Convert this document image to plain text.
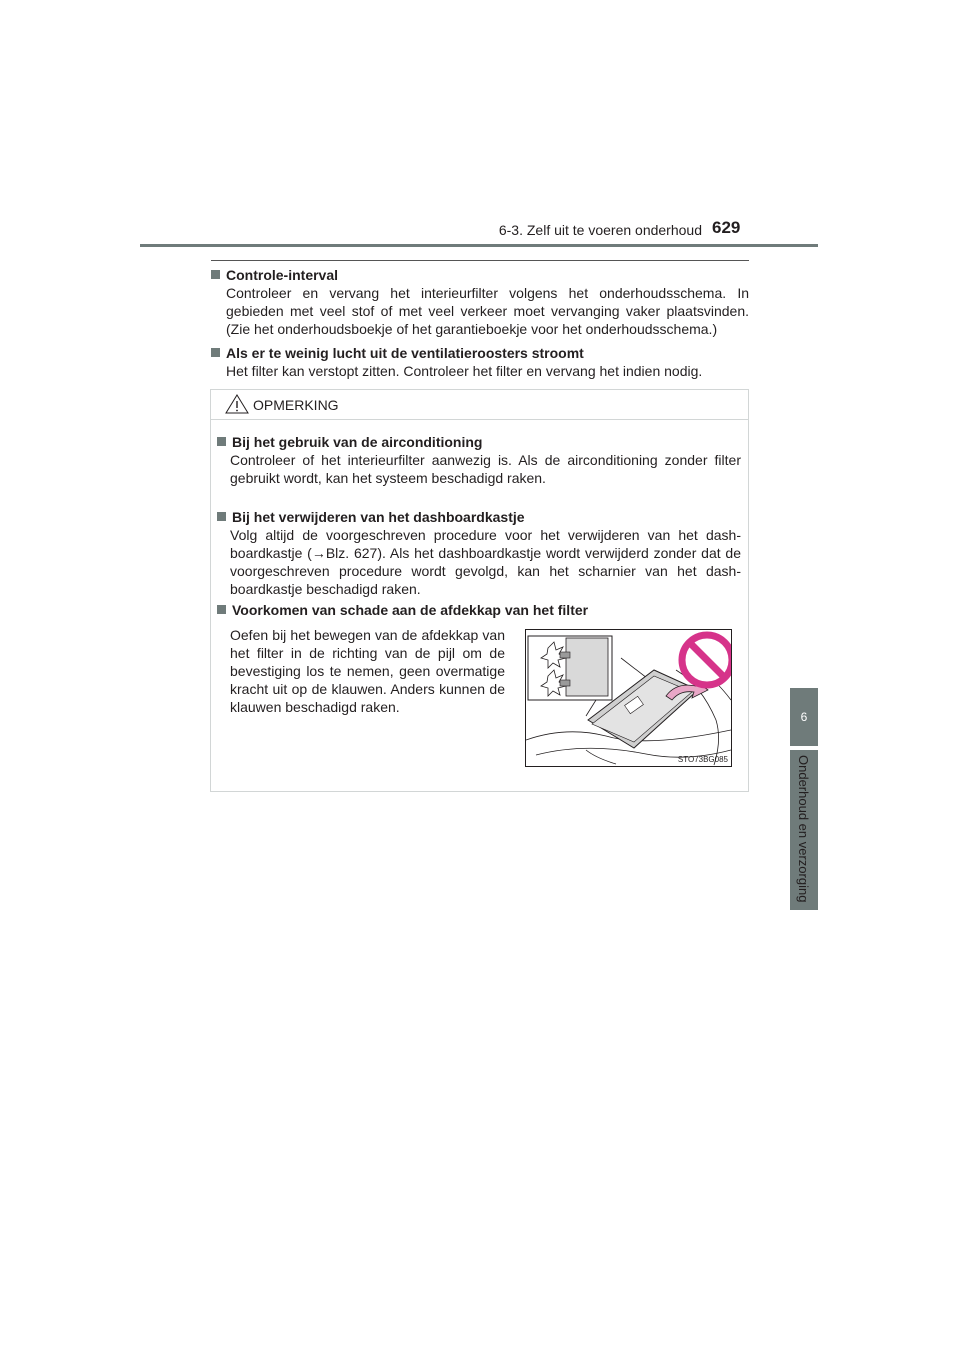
6-3. Zelf uit te voeren onderhoud 629
6
Onderhoud en verzorging
Controle-interval
Controleer en vervang het interieurfilter volgens het onderhoudsschema. In gebieden met veel stof of met veel verkeer moet vervanging vaker plaatsvinden. (Zie het onderhoudsboekje of het garantieboekje voor het onderhoudsschema.)
Als er te weinig lucht uit de ventilatieroosters stroomt
Het filter kan verstopt zitten. Controleer het filter en vervang het indien nodig.
OPMERKING
Bij het gebruik van de airconditioning
Controleer of het interieurfilter aanwezig is. Als de airconditioning zonder filter gebruikt wordt, kan het systeem beschadigd raken.
Bij het verwijderen van het dashboardkastje
Volg altijd de voorgeschreven procedure voor het verwijderen van het dash-boardkastje (→Blz. 627). Als het dashboardkastje wordt verwijderd zonder dat de voorgeschreven procedure wordt gevolgd, kan het scharnier van het dash-boardkastje beschadigd raken.
Voorkomen van schade aan de afdekkap van het filter
Oefen bij het bewegen van de afdekkap van het filter in de richting van de pijl om de bevestiging los te nemen, geen overmatige kracht uit op de klauwen. Anders kunnen de klauwen beschadigd raken.
STO73BG085
